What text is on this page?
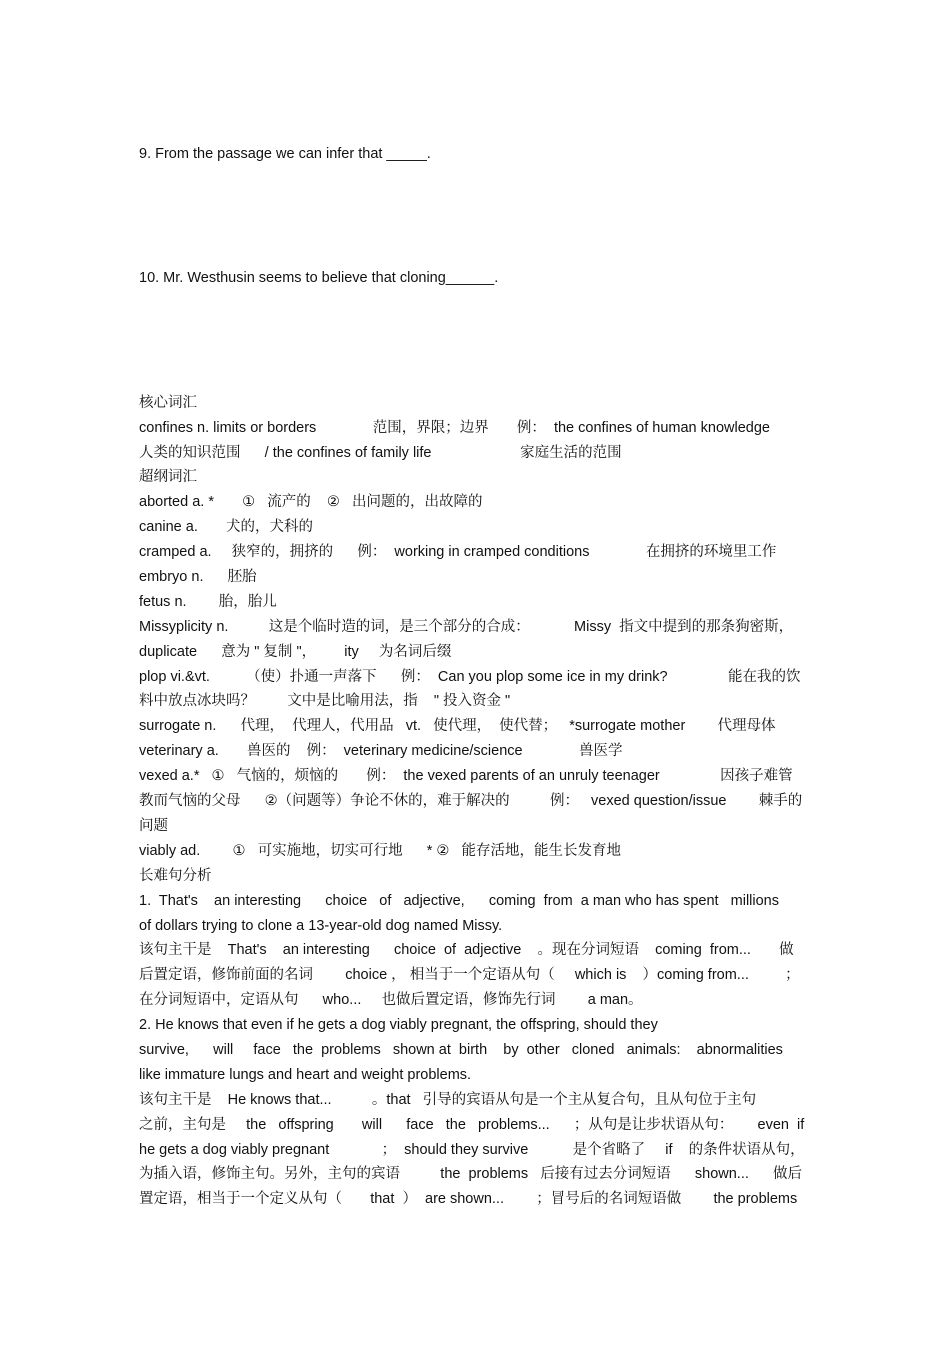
9. From the passage we can infer that _____.

10. Mr. Westhusin seems to believe that cloning______.

核心词汇
confines n. limits or borders              范围，界限；边界       例：  the confines of human knowledge
人类的知识范围      / the confines of family life                      家庭生活的范围
超纲词汇
aborted a. *       ①   流产的    ②   出问题的，出故障的
canine a.       犬的，犬科的
cramped a.     狭窄的，拥挤的      例：  working in cramped conditions              在拥挤的环境里工作
embryo n.      胚胎
fetus n.        胎，胎儿
Missyplicity n.          这是个临时造的词，是三个部分的合成：           Missy  指文中提到的那条狗密斯，
duplicate      意为 " 复制 "，       ity     为名词后缀
plop vi.&vt.         （使）扑通一声落下      例：  Can you plop some ice in my drink?               能在我的饮
料中放点冰块吗？        文中是比喻用法，指    " 投入资金 "
surrogate n.      代理，  代理人，代用品   vt.   使代理，  使代替；   *surrogate mother        代理母体
veterinary a.       兽医的    例：  veterinary medicine/science              兽医学
vexed a.*   ①   气恼的，烦恼的       例：  the vexed parents of an unruly teenager               因孩子难管
教而气恼的父母      ②（问题等）争论不休的，难于解决的          例：   vexed question/issue        棘手的
问题
viably ad.        ①   可实施地，切实可行地      * ②   能存活地，能生长发育地
长难句分析
1.  That's    an interesting      choice   of   adjective,      coming  from  a man who has spent   millions
of dollars trying to clone a 13-year-old dog named Missy.
该句主干是    That's    an interesting      choice  of  adjective    。现在分词短语    coming  from...       做
后置定语，修饰前面的名词        choice ， 相当于一个定语从句（     which is    ）coming from...         ；
在分词短语中，定语从句      who...     也做后置定语，修饰先行词        a man。
2. He knows that even if he gets a dog viably pregnant, the offspring, should they
survive,      will     face   the  problems   shown at  birth    by  other   cloned   animals:    abnormalities
like immature lungs and heart and weight problems.
该句主干是    He knows that...          。that   引导的宾语从句是一个主从复合句，且从句位于主句
之前，主句是     the   offspring       will      face   the   problems...      ；从句是让步状语从句：      even  if
he gets a dog viably pregnant             ；  should they survive           是个省略了     if    的条件状语从句，
为插入语，修饰主句。另外，主句的宾语          the  problems   后接有过去分词短语      shown...      做后
置定语，相当于一个定义从句（       that  ）  are shown...        ；冒号后的名词短语做        the problems
